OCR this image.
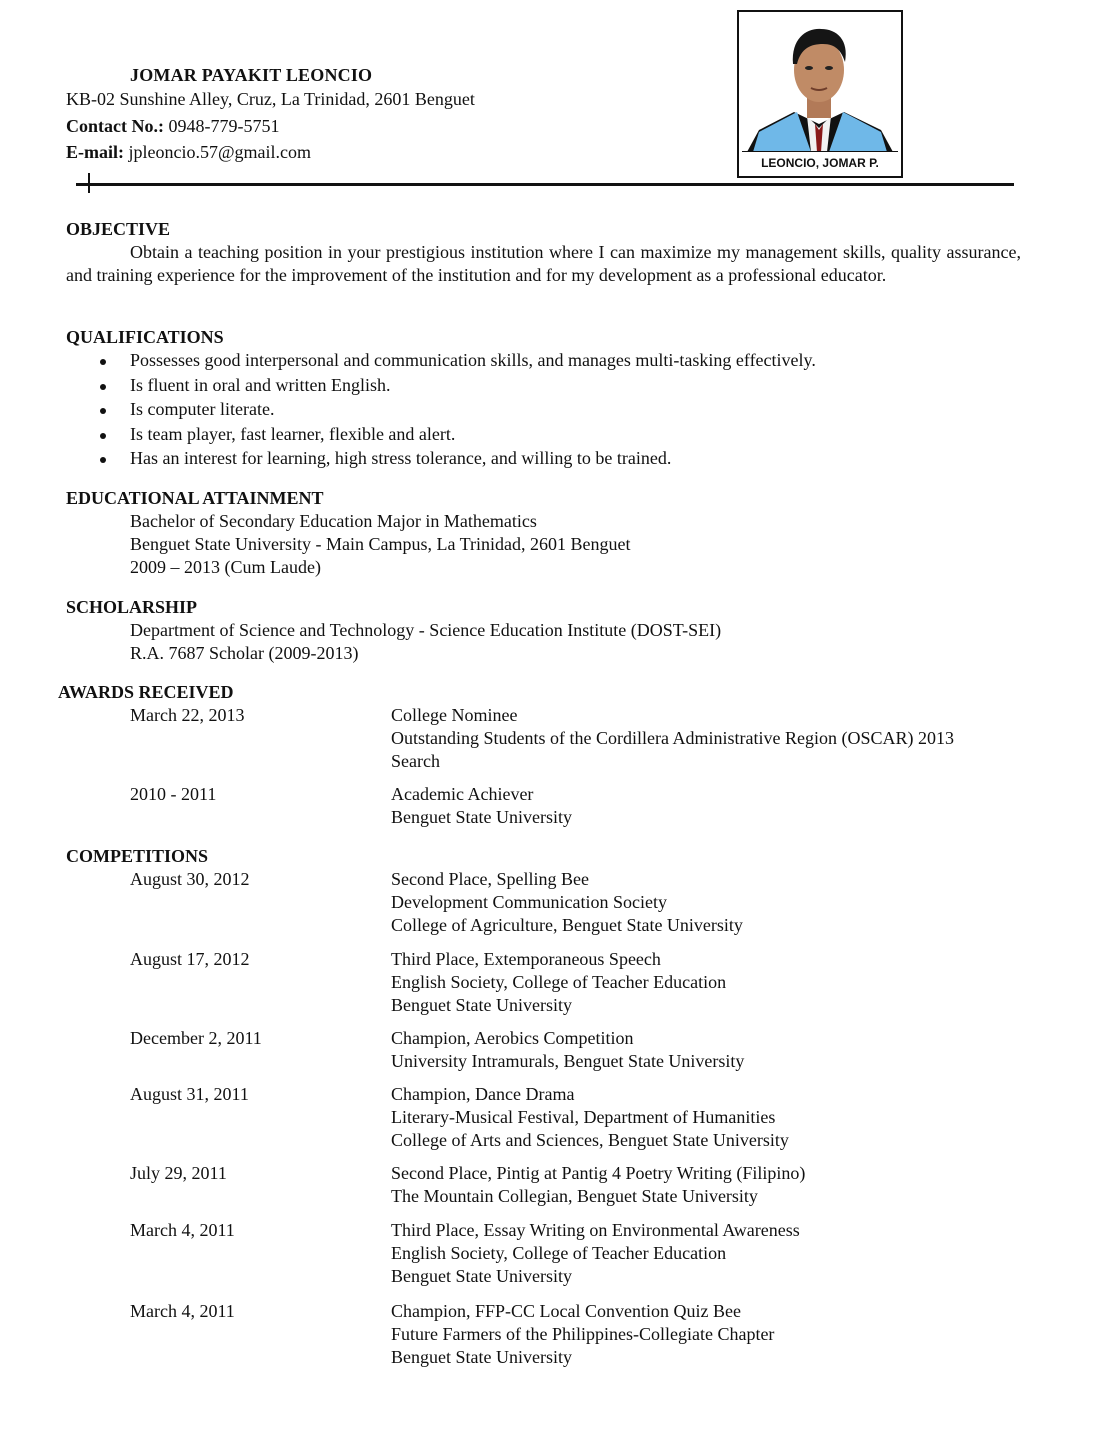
JOMAR PAYAKIT LEONCIO
KB-02 Sunshine Alley, Cruz, La Trinidad, 2601 Benguet
Contact No.: 0948-779-5751
E-mail: jpleoncio.57@gmail.com
LEONCIO, JOMAR P.
OBJECTIVE
Obtain a teaching position in your prestigious institution where I can maximize my management skills, quality assurance, and training experience for the improvement of the institution and for my development as a professional educator.
QUALIFICATIONS
Possesses good interpersonal and communication skills, and manages multi-tasking effectively.
Is fluent in oral and written English.
Is computer literate.
Is team player, fast learner, flexible and alert.
Has an interest for learning, high stress tolerance, and willing to be trained.
EDUCATIONAL ATTAINMENT
Bachelor of Secondary Education Major in Mathematics
Benguet State University - Main Campus, La Trinidad, 2601 Benguet
2009 – 2013 (Cum Laude)
SCHOLARSHIP
Department of Science and Technology - Science Education Institute (DOST-SEI)
R.A. 7687 Scholar (2009-2013)
AWARDS RECEIVED
March 22, 2013	College Nominee
Outstanding Students of the Cordillera Administrative Region (OSCAR) 2013
Search
2010 - 2011	Academic Achiever
Benguet State University
COMPETITIONS
August 30, 2012	Second Place, Spelling Bee
Development Communication Society
College of Agriculture, Benguet State University
August 17, 2012	Third Place, Extemporaneous Speech
English Society, College of Teacher Education
Benguet State University
December 2, 2011	Champion, Aerobics Competition
University Intramurals, Benguet State University
August 31, 2011	Champion, Dance Drama
Literary-Musical Festival, Department of Humanities
College of Arts and Sciences, Benguet State University
July 29, 2011	Second Place, Pintig at Pantig 4 Poetry Writing (Filipino)
The Mountain Collegian, Benguet State University
March 4, 2011	Third Place, Essay Writing on Environmental Awareness
English Society, College of Teacher Education
Benguet State University
March 4, 2011	Champion, FFP-CC Local Convention Quiz Bee
Future Farmers of the Philippines-Collegiate Chapter
Benguet State University
